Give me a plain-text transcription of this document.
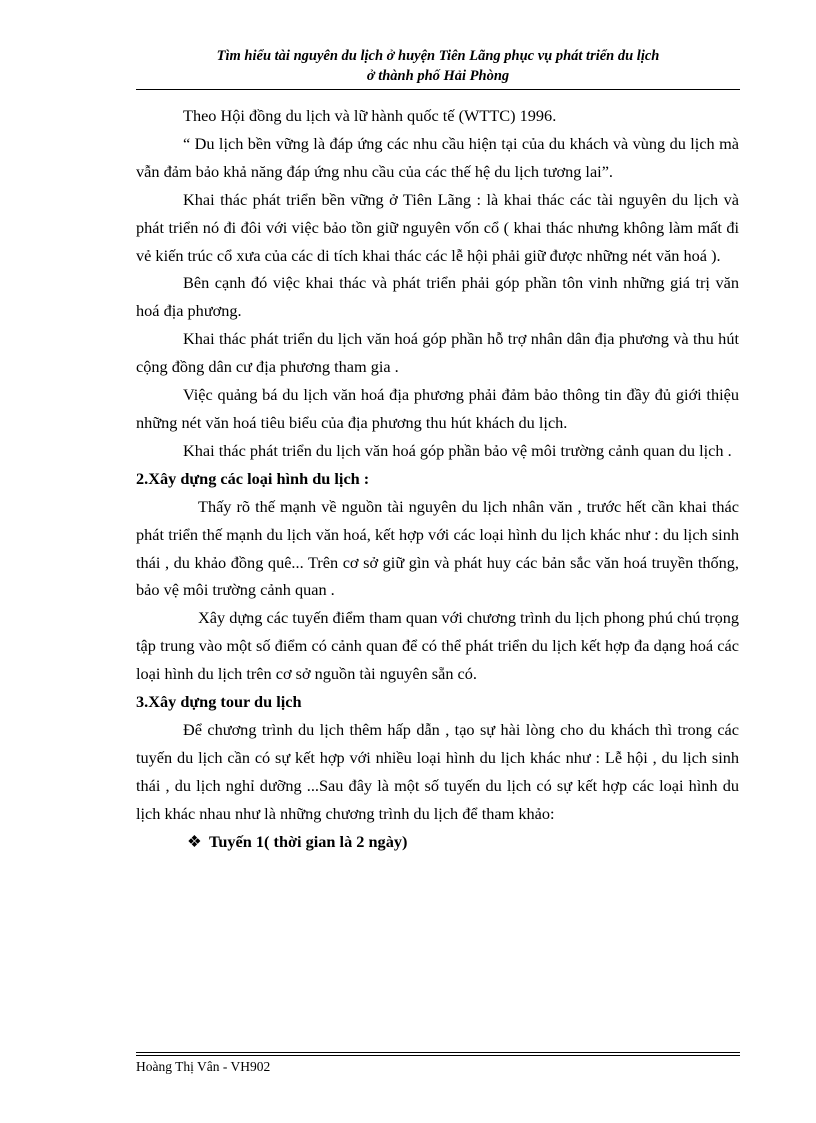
Tìm hiểu tài nguyên du lịch ở huyện Tiên Lãng phục vụ phát triển du lịch
ở thành phố Hải Phòng

Theo Hội đồng du lịch và lữ hành quốc tế (WTTC) 1996.

“ Du lịch bền vững là đáp ứng các nhu cầu hiện tại của du khách và vùng du lịch mà vẫn đảm bảo khả năng đáp ứng nhu cầu của các thế hệ du lịch tương lai”.

Khai thác phát triển bền vững ở Tiên Lãng : là khai thác các tài nguyên du lịch và phát triển nó đi đôi với việc bảo tồn giữ nguyên vốn cổ ( khai thác nhưng không làm mất đi vẻ kiến trúc cổ xưa của các di tích khai thác các lễ hội phải giữ được những nét văn hoá ).

Bên cạnh đó việc khai thác và phát triển phải góp phần tôn vinh những giá trị văn hoá địa phương.

Khai thác phát triển du lịch văn hoá góp phần hỗ trợ nhân dân địa phương và thu hút cộng đồng dân cư địa phương tham gia .

Việc quảng bá du lịch văn hoá địa phương phải đảm bảo thông tin đầy đủ giới thiệu những nét văn hoá tiêu biểu của địa phương thu hút khách du lịch.

Khai thác phát triển du lịch văn hoá góp phần bảo vệ môi trường cảnh quan du lịch .

2.Xây dựng các loại hình du lịch :

Thấy rõ thế mạnh về nguồn tài nguyên du lịch nhân văn , trước hết cần khai thác phát triển thế mạnh du lịch văn hoá, kết hợp với các loại hình du lịch khác như : du lịch sinh thái , du khảo đồng quê... Trên cơ sở giữ gìn và phát huy các bản sắc văn hoá truyền thống, bảo vệ môi trường cảnh quan .

Xây dựng các tuyến điểm tham quan với chương trình du lịch phong phú chú trọng tập trung vào một số điểm có cảnh quan để có thể phát triển du lịch kết hợp đa dạng hoá các loại hình du lịch trên cơ sở nguồn tài nguyên sẵn có.

3.Xây dựng tour du lịch

Để chương trình du lịch thêm hấp dẫn , tạo sự hài lòng cho du khách thì trong các tuyến du lịch cần có sự kết hợp với nhiều loại hình du lịch khác như : Lễ hội , du lịch sinh thái , du lịch nghỉ dưỡng ...Sau đây là một số tuyến du lịch có sự kết hợp các loại hình du lịch khác nhau như là những chương trình du lịch để tham khảo:

❖ Tuyến 1( thời gian là 2 ngày)
Hoàng Thị Vân - VH902
